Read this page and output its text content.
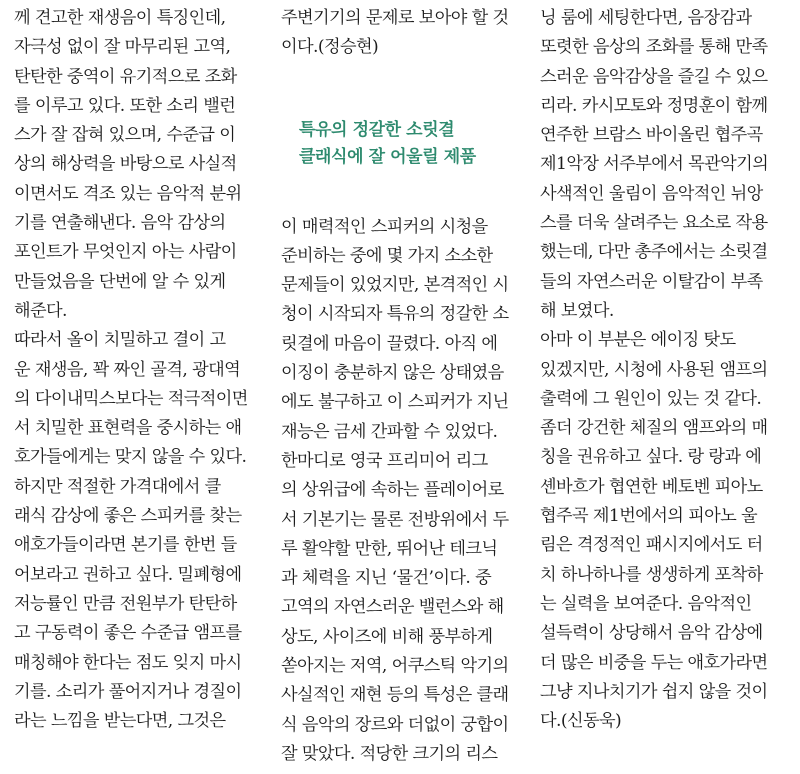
께 견고한 재생음이 특징인데,
자극성 없이 잘 마무리된 고역,
탄탄한 중역이 유기적으로 조화
를 이루고 있다. 또한 소리 밸런
스가 잘 잡혀 있으며, 수준급 이
상의 해상력을 바탕으로 사실적
이면서도 격조 있는 음악적 분위
기를 연출해낸다. 음악 감상의
포인트가 무엇인지 아는 사람이
만들었음을 단번에 알 수 있게
해준다.
따라서 올이 치밀하고 결이 고
운 재생음, 꽉 짜인 골격, 광대역
의 다이내믹스보다는 적극적이면
서 치밀한 표현력을 중시하는 애
호가들에게는 맞지 않을 수 있다.
하지만 적절한 가격대에서 클
래식 감상에 좋은 스피커를 찾는
애호가들이라면 본기를 한번 들
어보라고 권하고 싶다. 밀폐형에
저능률인 만큼 전원부가 탄탄하
고 구동력이 좋은 수준급 앰프를
매칭해야 한다는 점도 잊지 마시
기를. 소리가 풀어지거나 경질이
라는 느낌을 받는다면, 그것은
주변기기의 문제로 보아야 할 것
이다.(정승현)
특유의 정갈한 소릿결
클래식에 잘 어울릴 제품
이 매력적인 스피커의 시청을
준비하는 중에 몇 가지 소소한
문제들이 있었지만, 본격적인 시
청이 시작되자 특유의 정갈한 소
릿결에 마음이 끌렸다. 아직 에
이징이 충분하지 않은 상태였음
에도 불구하고 이 스피커가 지닌
재능은 금세 간파할 수 있었다.
한마디로 영국 프리미어 리그
의 상위급에 속하는 플레이어로
서 기본기는 물론 전방위에서 두
루 활약할 만한, 뛰어난 테크닉
과 체력을 지닌 ‘물건’이다. 중
고역의 자연스러운 밸런스와 해
상도, 사이즈에 비해 풍부하게
쏟아지는 저역, 어쿠스틱 악기의
사실적인 재현 등의 특성은 클래
식 음악의 장르와 더없이 궁합이
잘 맞았다. 적당한 크기의 리스
닝 룸에 세팅한다면, 음장감과
또렷한 음상의 조화를 통해 만족
스러운 음악감상을 즐길 수 있으
리라. 카시모토와 정명훈이 함께
연주한 브람스 바이올린 협주곡
제1악장 서주부에서 목관악기의
사색적인 울림이 음악적인 뉘앙
스를 더욱 살려주는 요소로 작용
했는데, 다만 총주에서는 소릿결
들의 자연스러운 이탈감이 부족
해 보였다.
아마 이 부분은 에이징 탓도
있겠지만, 시청에 사용된 앰프의
출력에 그 원인이 있는 것 같다.
좀더 강건한 체질의 앰프와의 매
칭을 권유하고 싶다. 랑 랑과 에
셴바흐가 협연한 베토벤 피아노
협주곡 제1번에서의 피아노 울
림은 격정적인 패시지에서도 터
치 하나하나를 생생하게 포착하
는 실력을 보여준다. 음악적인
설득력이 상당해서 음악 감상에
더 많은 비중을 두는 애호가라면
그냥 지나치기가 쉽지 않을 것이
다.(신동욱)
